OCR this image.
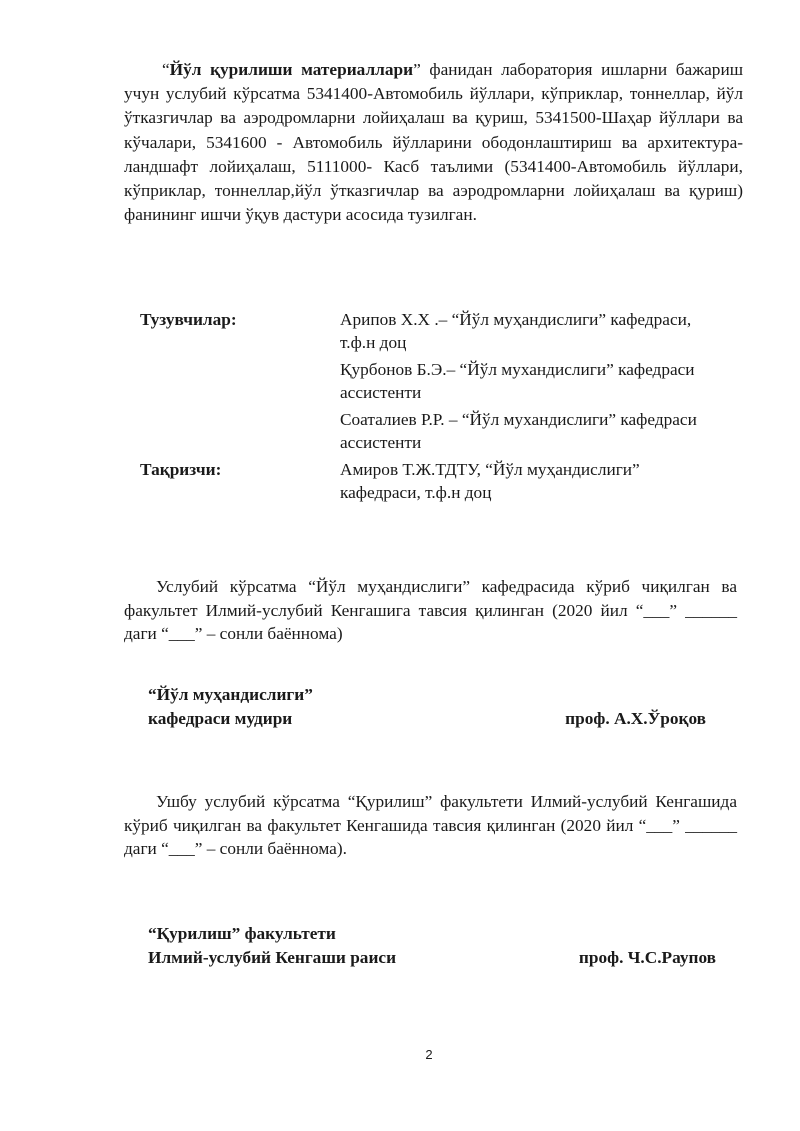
“Йўл қурилиши материаллари” фанидан лаборатория ишларни бажариш учун услубий кўрсатма 5341400-Автомобиль йўллари, кўприклар, тоннеллар, йўл ўтказгичлар ва аэродромларни лойиҳалаш ва қуриш, 5341500-Шаҳар йўллари ва кўчалари, 5341600 - Автомобиль йўлларини ободонлаштириш ва архитектура-ландшафт лойиҳалаш, 5111000- Касб таълими (5341400-Автомобиль йўллари, кўприклар, тоннеллар,йўл ўтказгичлар ва аэродромларни лойиҳалаш ва қуриш) фанининг ишчи ўқув дастури асосида тузилган.

Тузувчилар:	Арипов Х.Х .– “Йўл муҳандислиги” кафедраси,
т.ф.н доц
Қурбонов Б.Э.– “Йўл мухандислиги” кафедраси
ассистенти
Соаталиев Р.Р. – “Йўл мухандислиги” кафедраси
ассистенти
Тақризчи:	Амиров Т.Ж.ТДТУ, “Йўл муҳандислиги”
кафедраси, т.ф.н доц

Услубий кўрсатма “Йўл муҳандислиги” кафедрасида кўриб чиқилган ва факультет Илмий-услубий Кенгашига тавсия қилинган (2020 йил “___” ______ даги “___” – сонли баённома)

“Йўл муҳандислиги”
кафедраси мудири	проф. А.Х.Ўроқов

Ушбу услубий кўрсатма “Қурилиш” факультети Илмий-услубий Кенгашида кўриб чиқилган ва факультет Кенгашида тавсия қилинган (2020 йил “___” ______ даги “___” – сонли баённома).

“Қурилиш” факультети
Илмий-услубий Кенгаши раиси	проф. Ч.С.Раупов
2
